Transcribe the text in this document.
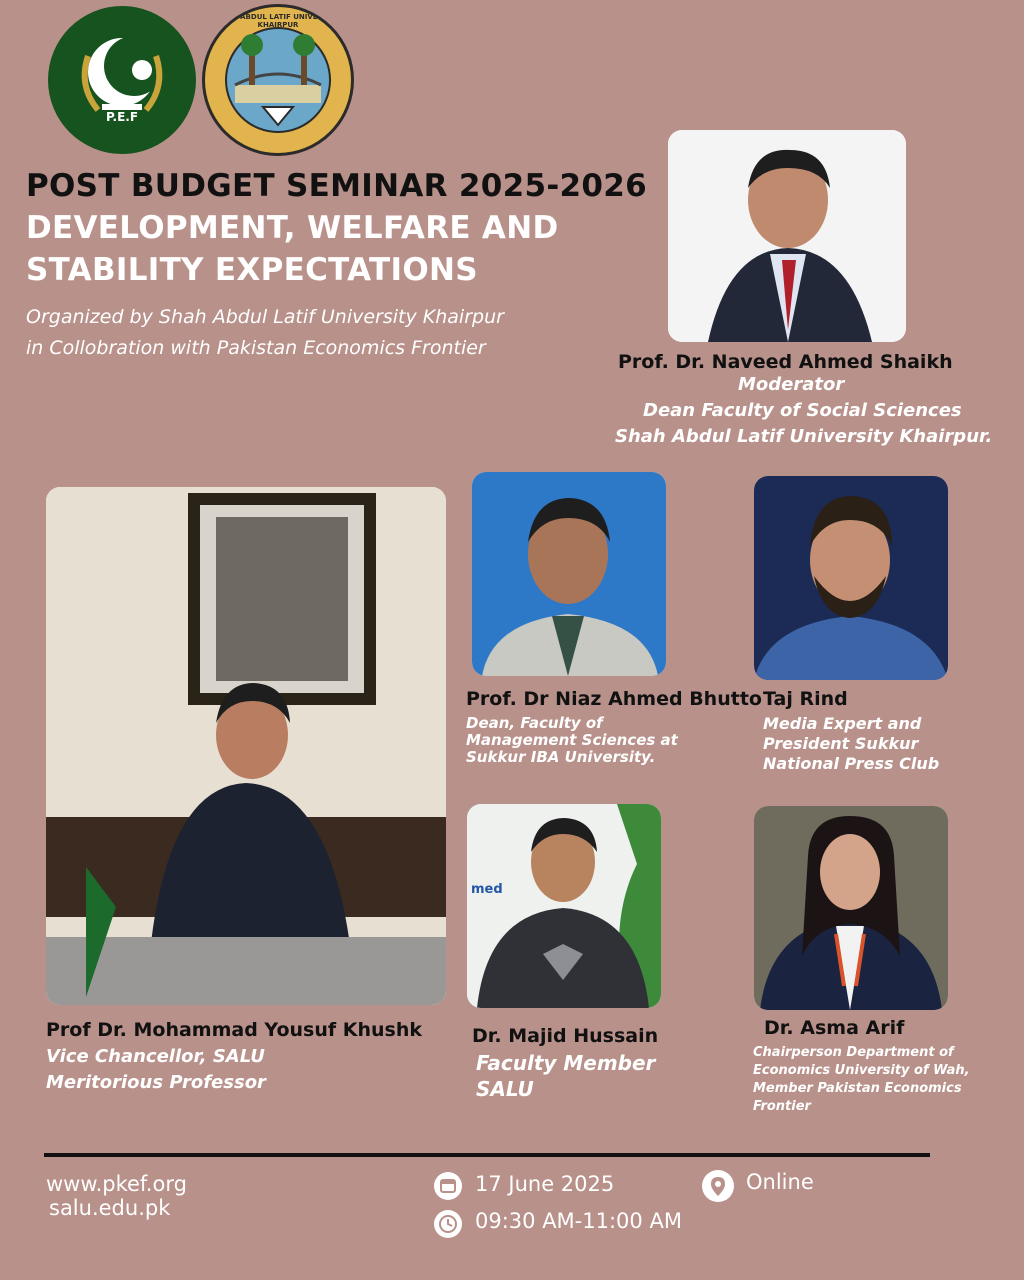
P.E.F
SHAH ABDUL LATIF UNIVERSITY KHAIRPUR
POST BUDGET SEMINAR 2025-2026
DEVELOPMENT, WELFARE AND
STABILITY EXPECTATIONS
Organized by Shah Abdul Latif University Khairpur
in Collobration with Pakistan Economics Frontier
Prof. Dr. Naveed Ahmed Shaikh
Moderator
Dean Faculty of Social Sciences
Shah Abdul Latif University Khairpur.
Prof Dr. Mohammad Yousuf Khushk
Vice Chancellor, SALU
Meritorious Professor
Prof. Dr Niaz Ahmed Bhutto
Dean, Faculty of
Management Sciences at
Sukkur IBA University.
Taj Rind
Media Expert and
President Sukkur
National Press Club
med
Dr. Majid Hussain
Faculty Member
SALU
Dr. Asma Arif
Chairperson Department of
Economics University of Wah,
Member Pakistan Economics
Frontier
www.pkef.org
salu.edu.pk
17 June 2025
09:30 AM-11:00 AM
Online
